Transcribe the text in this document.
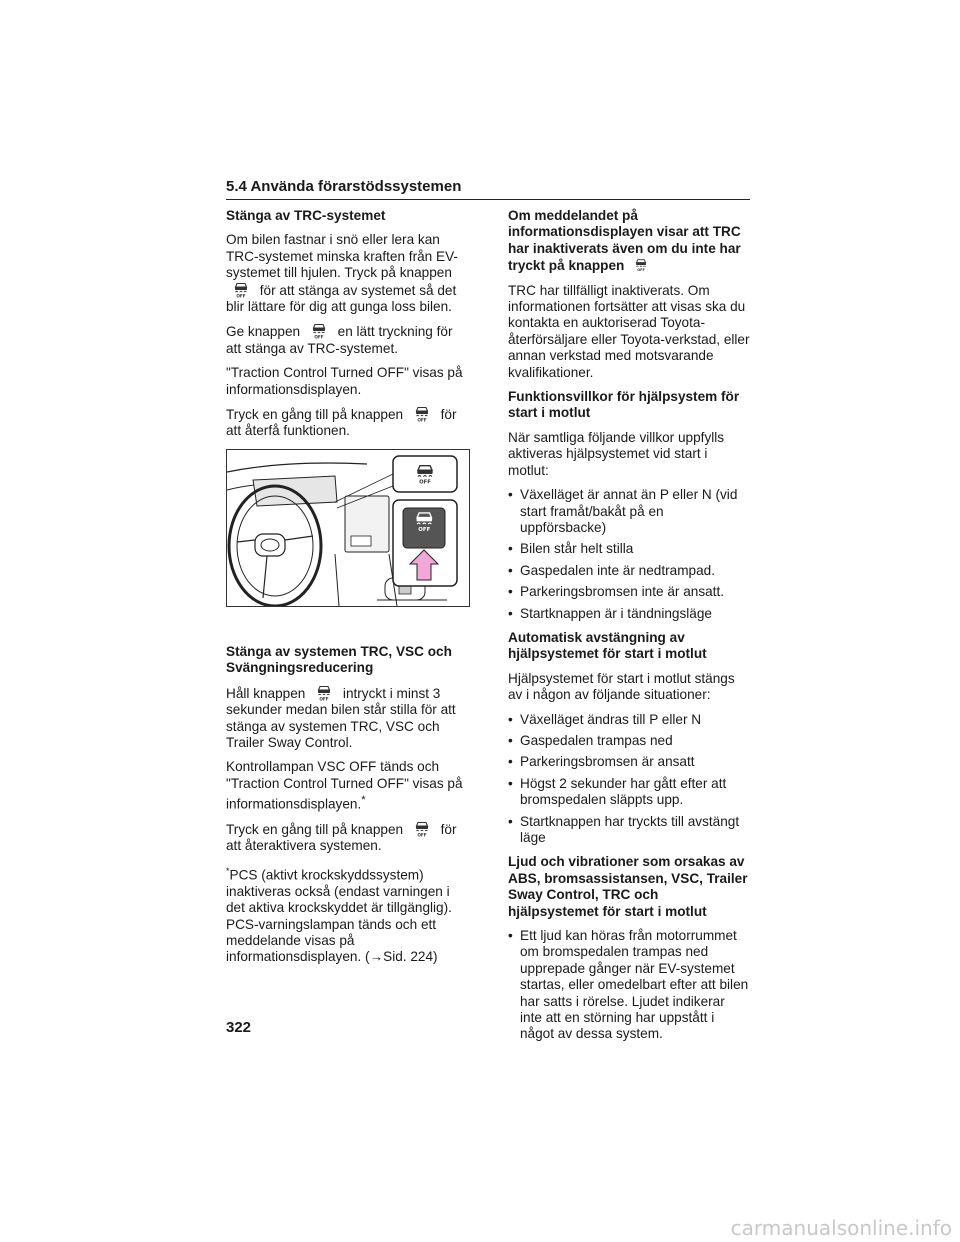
5.4 Använda förarstödssystemen
Stänga av TRC-systemet

Om bilen fastnar i snö eller lera kan TRC-systemet minska kraften från EV-systemet till hjulen. Tryck på knappen  för att stänga av systemet så det blir lättare för dig att gunga loss bilen.

Ge knappen	en lätt tryckning för att stänga av TRC-systemet.

"Traction Control Turned OFF" visas på informationsdisplayen.

Tryck en gång till på knappen	för att återfå funktionen.

Stänga av systemen TRC, VSC och Svängningsreducering

Håll knappen	intryckt i minst 3 sekunder medan bilen står stilla för att stänga av systemen TRC, VSC och Trailer Sway Control.

Kontrollampan VSC OFF tänds och "Traction Control Turned OFF" visas på informationsdisplayen.*

Tryck en gång till på knappen	för att återaktivera systemen.

*PCS (aktivt krockskyddssystem) inaktiveras också (endast varningen i det aktiva krockskyddet är tillgänglig). PCS-varningslampan tänds och ett meddelande visas på informationsdisplayen. (→Sid. 224)

OFF
Om meddelandet på informationsdisplayen visar att TRC har inaktiverats även om du inte har tryckt på knappen

TRC har tillfälligt inaktiverats. Om informationen fortsätter att visas ska du kontakta en auktoriserad Toyota-återförsäljare eller Toyota-verkstad, eller annan verkstad med motsvarande kvalifikationer.

Funktionsvillkor för hjälpsystem för start i motlut

När samtliga följande villkor uppfylls aktiveras hjälpsystemet vid start i motlut:

• Växelläget är annat än P eller N (vid start framåt/bakåt på en uppförsbacke)
• Bilen står helt stilla
• Gaspedalen inte är nedtrampad.
• Parkeringsbromsen inte är ansatt.
• Startknappen är i tändningsläge
Automatisk avstängning av hjälpsystemet för start i motlut

Hjälpsystemet för start i motlut stängs av i någon av följande situationer:

• Växelläget ändras till P eller N
• Gaspedalen trampas ned
• Parkeringsbromsen är ansatt
• Högst 2 sekunder har gått efter att bromspedalen släppts upp.
• Startknappen har tryckts till avstängt läge
Ljud och vibrationer som orsakas av ABS, bromsassistansen, VSC, Trailer Sway Control, TRC och hjälpsystemet för start i motlut
• Ett ljud kan höras från motorrummet om bromspedalen trampas ned upprepade gånger när EV-systemet startas, eller omedelbart efter att bilen har satts i rörelse. Ljudet indikerar inte att en störning har uppstått i något av dessa system.
322
carmanualsonline.info
